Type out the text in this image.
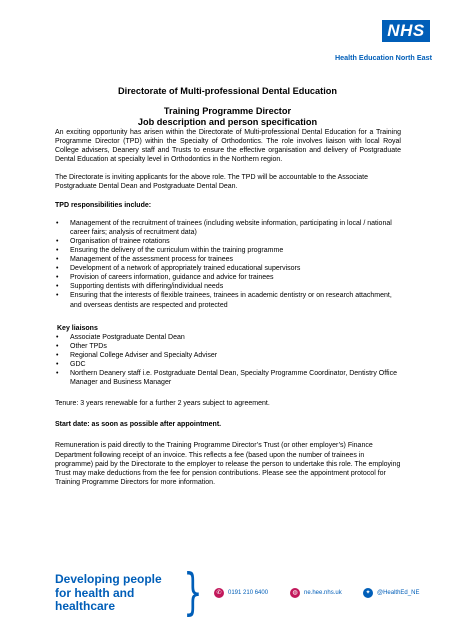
NHS
Health Education North East
Directorate of Multi-professional Dental Education
Training Programme Director
Job description and person specification

An exciting opportunity has arisen within the Directorate of Multi-professional Dental Education for a Training Programme Director (TPD) within the Specialty of Orthodontics. The role involves liaison with local Royal College advisers, Deanery staff and Trusts to ensure the effective organisation and delivery of Postgraduate Dental Education at specialty level in Orthodontics in the Northern region.

The Directorate is inviting applicants for the above role. The TPD will be accountable to the Associate Postgraduate Dental Dean and Postgraduate Dental Dean.

TPD responsibilities include:

• Management of the recruitment of trainees (including website information, participating in local / national career fairs; analysis of recruitment data)
• Organisation of trainee rotations
• Ensuring the delivery of the curriculum within the training programme
• Management of the assessment process for trainees
• Development of a network of appropriately trained educational supervisors
• Provision of careers information, guidance and advice for trainees
• Supporting dentists with differing/individual needs
• Ensuring that the interests of flexible trainees, trainees in academic dentistry or on research attachment, and overseas dentists are respected and protected

Key liaisons

• Associate Postgraduate Dental Dean
• Other TPDs
• Regional College Adviser and Specialty Adviser
• GDC
• Northern Deanery staff i.e. Postgraduate Dental Dean, Specialty Programme Coordinator, Dentistry Office Manager and Business Manager

Tenure: 3 years renewable for a further 2 years subject to agreement.

Start date: as soon as possible after appointment.

Remuneration is paid directly to the Training Programme Director’s Trust (or other employer’s) Finance Department following receipt of an invoice. This reflects a fee (based upon the number of trainees in programme) paid by the Directorate to the employer to release the person to undertake this role. The employing Trust may make deductions from the fee for pension contributions. Please see the appointment protocol for Training Programme Directors for more information.

Developing people
for health and
healthcare	}	✆	0191 210 6400	◍	ne.hee.nhs.uk	✦	@HealthEd_NE
